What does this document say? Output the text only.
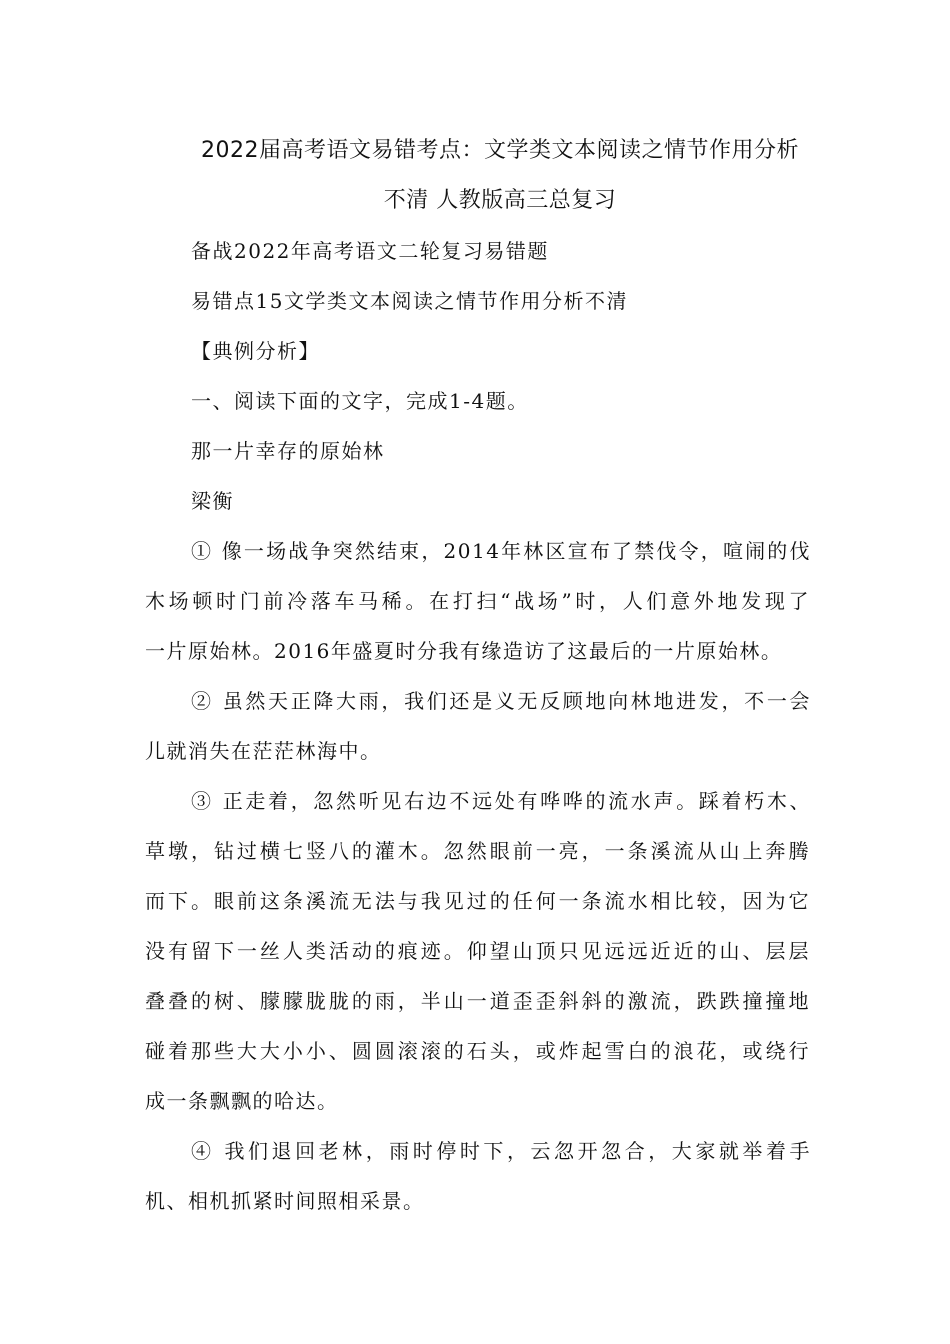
2022届高考语文易错考点：文学类文本阅读之情节作用分析
不清 人教版高三总复习
备战2022年高考语文二轮复习易错题
易错点15文学类文本阅读之情节作用分析不清
【典例分析】
一、阅读下面的文字，完成1-4题。
那一片幸存的原始林
梁衡
① 像一场战争突然结束，2014年林区宣布了禁伐令，喧闹的伐
木场顿时门前冷落车马稀。在打扫“战场”时，人们意外地发现了
一片原始林。2016年盛夏时分我有缘造访了这最后的一片原始林。
② 虽然天正降大雨，我们还是义无反顾地向林地进发，不一会
儿就消失在茫茫林海中。
③ 正走着，忽然听见右边不远处有哗哗的流水声。踩着朽木、
草墩，钻过横七竖八的灌木。忽然眼前一亮，一条溪流从山上奔腾
而下。眼前这条溪流无法与我见过的任何一条流水相比较，因为它
没有留下一丝人类活动的痕迹。仰望山顶只见远远近近的山、层层
叠叠的树、朦朦胧胧的雨，半山一道歪歪斜斜的激流，跌跌撞撞地
碰着那些大大小小、圆圆滚滚的石头，或炸起雪白的浪花，或绕行
成一条飘飘的哈达。
④ 我们退回老林，雨时停时下，云忽开忽合，大家就举着手
机、相机抓紧时间照相采景。
